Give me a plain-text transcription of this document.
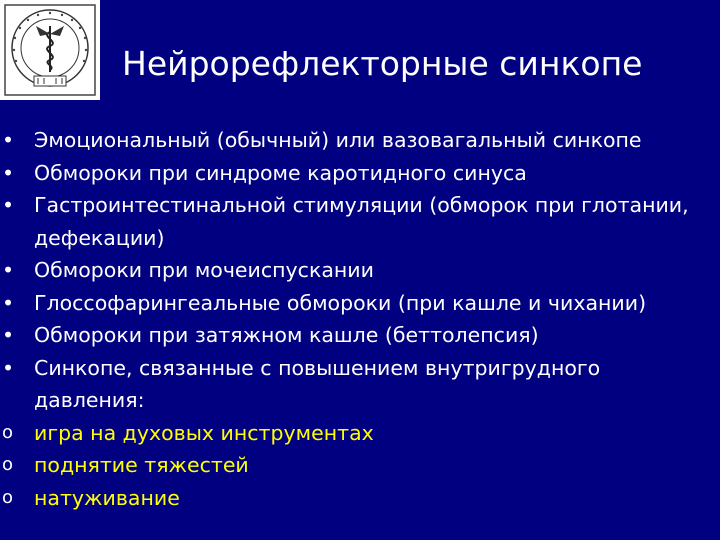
Нейрорефлекторные синкопе
• Эмоциональный (обычный) или вазовагальный синкопе
• Обмороки при синдроме каротидного синуса
• Гастроинтестинальной стимуляции (обморок при глотании, дефекации)
• Обмороки при мочеиспускании
• Глоссофарингеальные обмороки (при кашле и чихании)
• Обмороки при затяжном кашле (беттолепсия)
• Синкопе, связанные с повышением внутригрудного давления:
o	игра на духовых инструментах
o	поднятие тяжестей
o	натуживание
